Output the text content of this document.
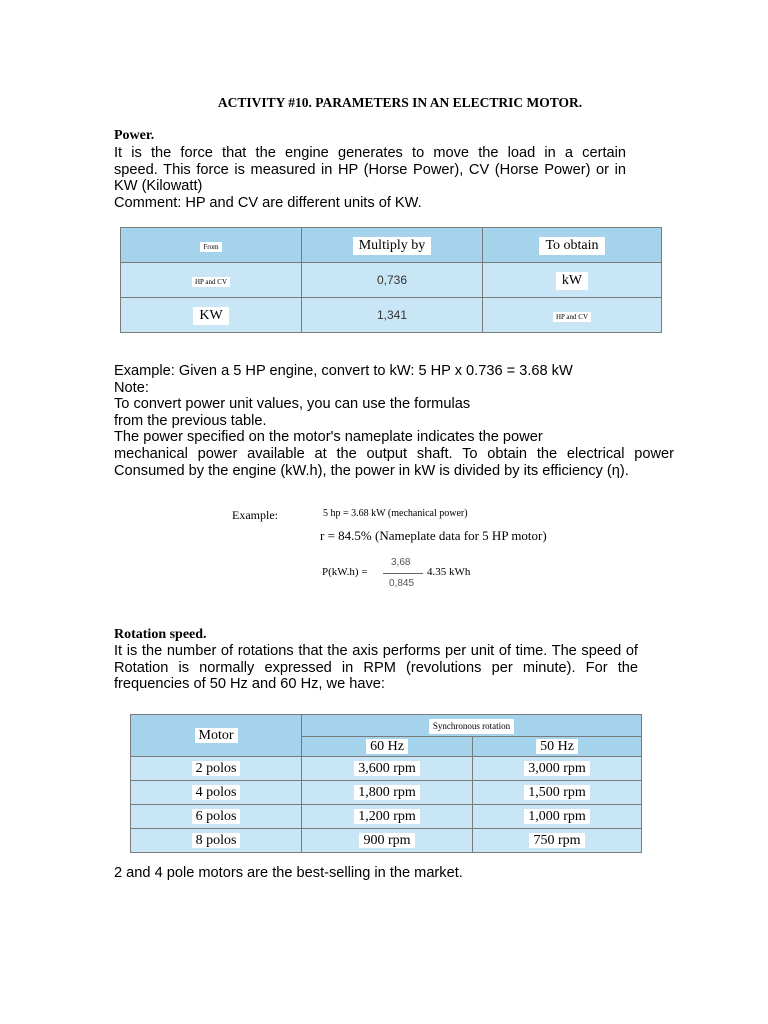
ACTIVITY #10. PARAMETERS IN AN ELECTRIC MOTOR.
Power.
It is the force that the engine generates to move the load in a certain
speed. This force is measured in HP (Horse Power), CV (Horse Power) or in
KW (Kilowatt)
Comment: HP and CV are different units of KW.
From	Multiply by	To obtain
HP and CV	0,736	kW
KW	1,341	HP and CV
Example: Given a 5 HP engine, convert to kW: 5 HP x 0.736 = 3.68 kW
Note:
To convert power unit values, you can use the formulas
from the previous table.
The power specified on the motor's nameplate indicates the power
mechanical power available at the output shaft. To obtain the electrical power
Consumed by the engine (kW.h), the power in kW is divided by its efficiency (η).
Example:	5 hp = 3.68 kW (mechanical power)
r = 84.5% (Nameplate data for 5 HP motor)
P(kW.h) =
3,68
0,845
4.35 kWh
Rotation speed.
It is the number of rotations that the axis performs per unit of time. The speed of
Rotation is normally expressed in RPM (revolutions per minute). For the
frequencies of 50 Hz and 60 Hz, we have:
Motor	Synchronous rotation	
	60 Hz	50 Hz
2 polos	3,600 rpm	3,000 rpm
4 polos	1,800 rpm	1,500 rpm
6 polos	1,200 rpm	1,000 rpm
8 polos	900 rpm	750 rpm
2 and 4 pole motors are the best-selling in the market.
